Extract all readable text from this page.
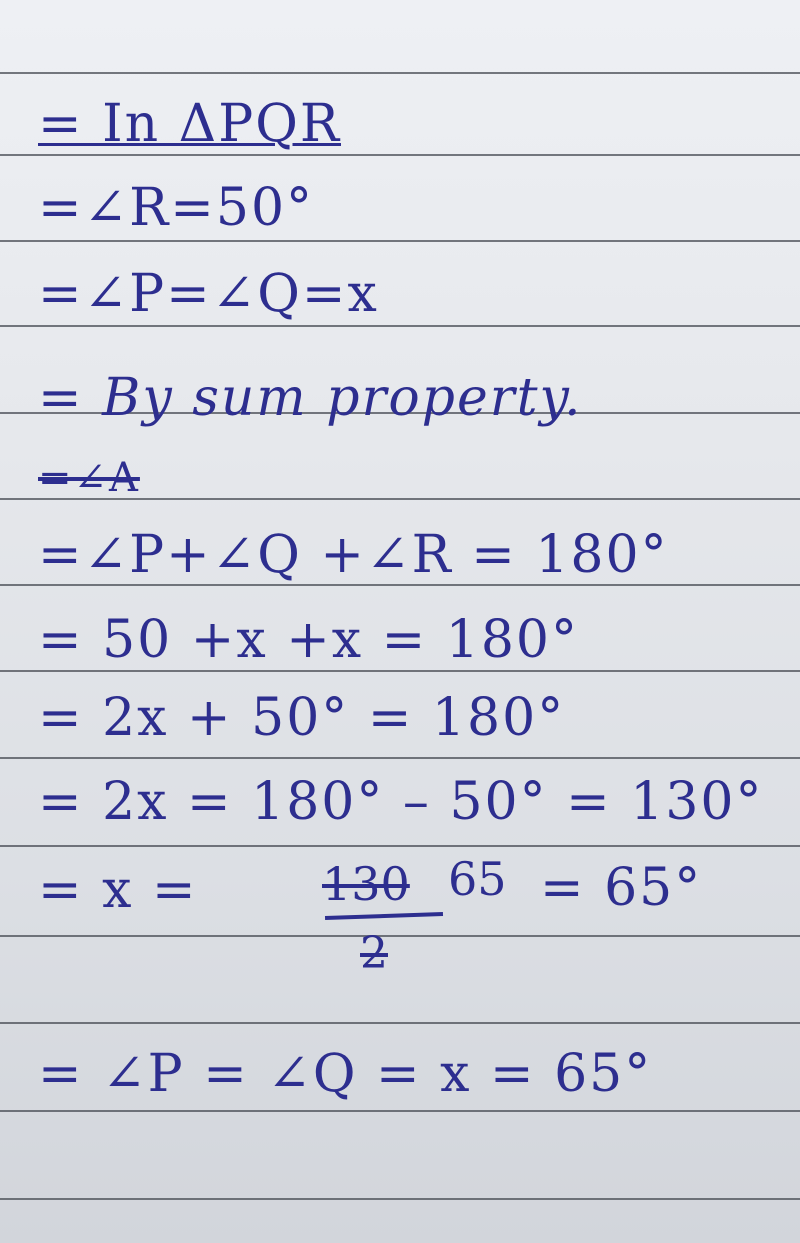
= In ΔPQR
=∠R=50°
=∠P=∠Q=x
= By sum property.
=∠A
=∠P+∠Q +∠R = 180°
= 50 +x +x = 180°
= 2x + 50° = 180°
= 2x = 180° – 50° = 130°
= x =	130
2
65 = 65°
= ∠P = ∠Q = x = 65°
